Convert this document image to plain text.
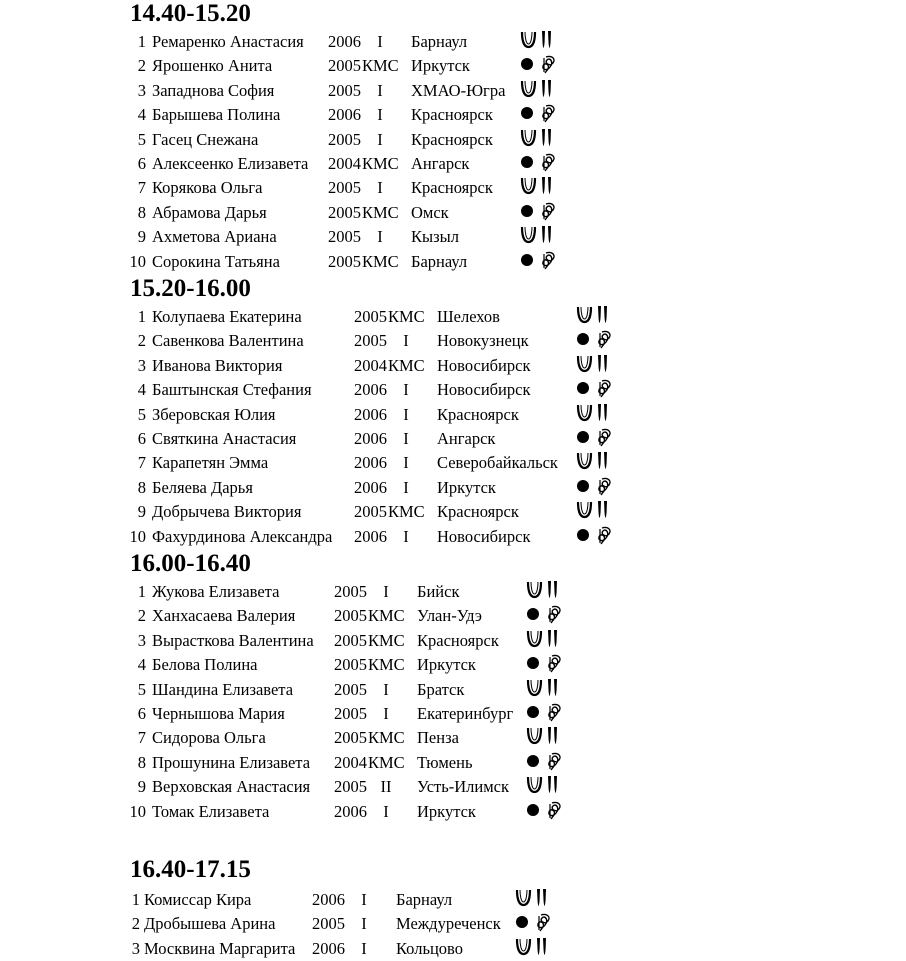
14.40-15.20
1 Ремаренко Анастасия 2006 I	Барнаул
2 Ярошенко Анита	2005 КМС Иркутск
3 Западнова София	2005 I	ХМАО-Югра
4 Барышева Полина	2006 I	Красноярск
5 Гасец Снежана	2005 I	Красноярск
6 Алексеенко Елизавета 2004 КМС Ангарск
7 Корякова Ольга	2005 I	Красноярск
8 Абрамова Дарья	2005 КМС Омск
9 Ахметова Ариана	2005 I	Кызыл
10 Сорокина Татьяна	2005 КМС Барнаул
15.20-16.00
1 Колупаева Екатерина	2005 КМС Шелехов
2 Савенкова Валентина	2005 I	Новокузнецк
3 Иванова Виктория	2004 КМС Новосибирск
4 Баштынская Стефания	2006 I	Новосибирск
5 Зберовская Юлия	2006 I	Красноярск
6 Святкина Анастасия	2006 I	Ангарск
7 Карапетян Эмма	2006 I	Северобайкальск
8 Беляева Дарья	2006 I	Иркутск
9 Добрычева Виктория	2005 КМС Красноярск
10 Фахурдинова Александра 2006 I	Новосибирск
16.00-16.40
1 Жукова Елизавета	2005 I	Бийск
2 Ханхасаева Валерия 2005 КМС Улан-Удэ
3 Вырасткова Валентина 2005 КМС Красноярск
4 Белова Полина	2005 КМС Иркутск
5 Шандина Елизавета 2005 I	Братск
6 Чернышова Мария	2005 I	Екатеринбург
7 Сидорова Ольга	2005 КМС Пенза
8 Прошунина Елизавета 2004 КМС Тюмень
9 Верховская Анастасия 2005 II	Усть-Илимск
10 Томак Елизавета	2006 I	Иркутск
16.40-17.15
1 Комиссар Кира	2006 I	Барнаул
2 Дробышева Арина 2005 I	Междуреченск
3 Москвина Маргарита 2006 I	Кольцово
